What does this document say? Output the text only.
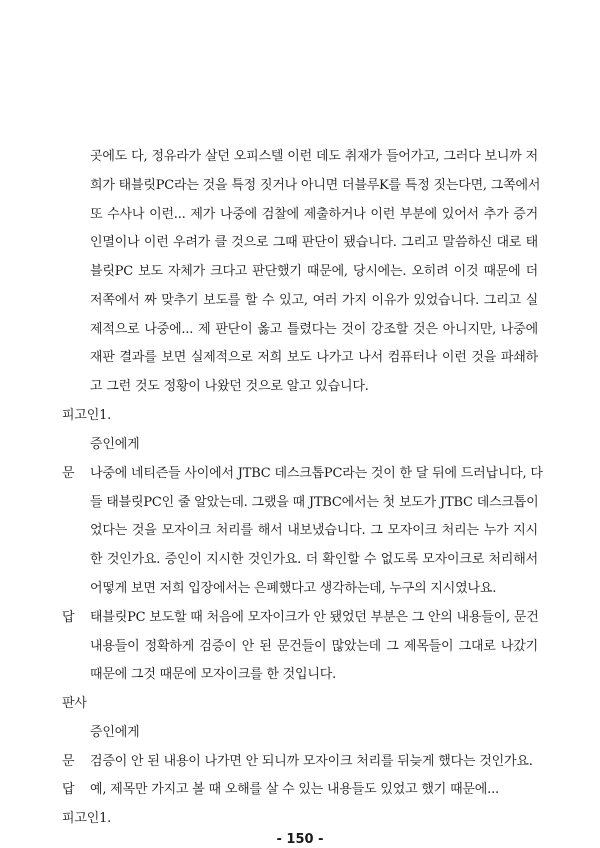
곳에도 다, 정유라가 살던 오피스텔 이런 데도 취재가 들어가고, 그러다 보니까 저
희가 태블릿PC라는 것을 특정 짓거나 아니면 더블루K를 특정 짓는다면, 그쪽에서
또 수사나 이런... 제가 나중에 검찰에 제출하거나 이런 부분에 있어서 추가 증거
인멸이나 이런 우려가 클 것으로 그때 판단이 됐습니다. 그리고 말씀하신 대로 태
블릿PC 보도 자체가 크다고 판단했기 때문에, 당시에는. 오히려 이것 때문에 더
저쪽에서 짜 맞추기 보도를 할 수 있고, 여러 가지 이유가 있었습니다. 그리고 실
제적으로 나중에... 제 판단이 옳고 틀렸다는 것이 강조할 것은 아니지만, 나중에
재판 결과를 보면 실제적으로 저희 보도 나가고 나서 컴퓨터나 이런 것을 파쇄하
고 그런 것도 정황이 나왔던 것으로 알고 있습니다.
피고인1.
증인에게
문 나중에 네티즌들 사이에서 JTBC 데스크톱PC라는 것이 한 달 뒤에 드러납니다, 다
들 태블릿PC인 줄 알았는데. 그랬을 때 JTBC에서는 첫 보도가 JTBC 데스크톱이
었다는 것을 모자이크 처리를 해서 내보냈습니다. 그 모자이크 처리는 누가 지시
한 것인가요. 증인이 지시한 것인가요. 더 확인할 수 없도록 모자이크로 처리해서
어떻게 보면 저희 입장에서는 은폐했다고 생각하는데, 누구의 지시였나요.
답 태블릿PC 보도할 때 처음에 모자이크가 안 됐었던 부분은 그 안의 내용들이, 문건
내용들이 정확하게 검증이 안 된 문건들이 많았는데 그 제목들이 그대로 나갔기
때문에 그것 때문에 모자이크를 한 것입니다.
판사
증인에게
문 검증이 안 된 내용이 나가면 안 되니까 모자이크 처리를 뒤늦게 했다는 것인가요.
답 예, 제목만 가지고 볼 때 오해를 살 수 있는 내용들도 있었고 했기 때문에...
피고인1.
- 150 -
